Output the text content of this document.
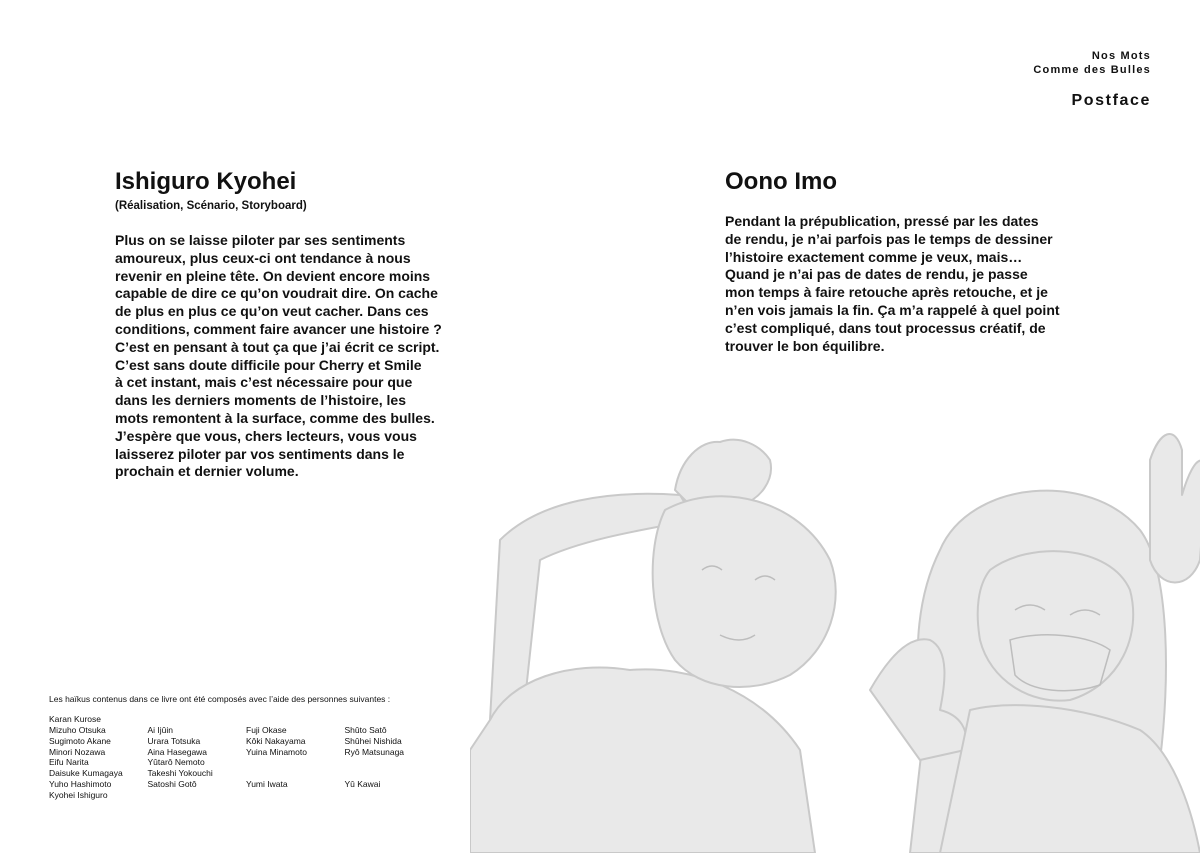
Nos Mots
Comme des Bulles
Postface
Ishiguro Kyohei
(Réalisation, Scénario, Storyboard)
Plus on se laisse piloter par ses sentiments
amoureux, plus ceux-ci ont tendance à nous
revenir en pleine tête. On devient encore moins
capable de dire ce qu’on voudrait dire. On cache
de plus en plus ce qu’on veut cacher. Dans ces
conditions, comment faire avancer une histoire ?
C’est en pensant à tout ça que j’ai écrit ce script.
C’est sans doute difficile pour Cherry et Smile
à cet instant, mais c’est nécessaire pour que
dans les derniers moments de l’histoire, les
mots remontent à la surface, comme des bulles.
J’espère que vous, chers lecteurs, vous vous
laisserez piloter par vos sentiments dans le
prochain et dernier volume.
Oono Imo
Pendant la prépublication, pressé par les dates
de rendu, je n’ai parfois pas le temps de dessiner
l’histoire exactement comme je veux, mais…
Quand je n’ai pas de dates de rendu, je passe
mon temps à faire retouche après retouche, et je
n’en vois jamais la fin. Ça m’a rappelé à quel point
c’est compliqué, dans tout processus créatif, de
trouver le bon équilibre.
Les haïkus contenus dans ce livre ont été composés avec l’aide des personnes suivantes :
Karan Kurose
Mizuho Otsuka
Sugimoto Akane
Minori Nozawa
Eifu Narita
Daisuke Kumagaya
Yuho Hashimoto
Kyohei Ishiguro
Ai Ijûin
Urara Totsuka
Aina Hasegawa
Yûtarô Nemoto
Takeshi Yokouchi
Satoshi Gotô
Fuji Okase
Kôki Nakayama
Yuina Minamoto
Yumi Iwata
Shûto Satô
Shûhei Nishida
Ryô Matsunaga
Yû Kawai
